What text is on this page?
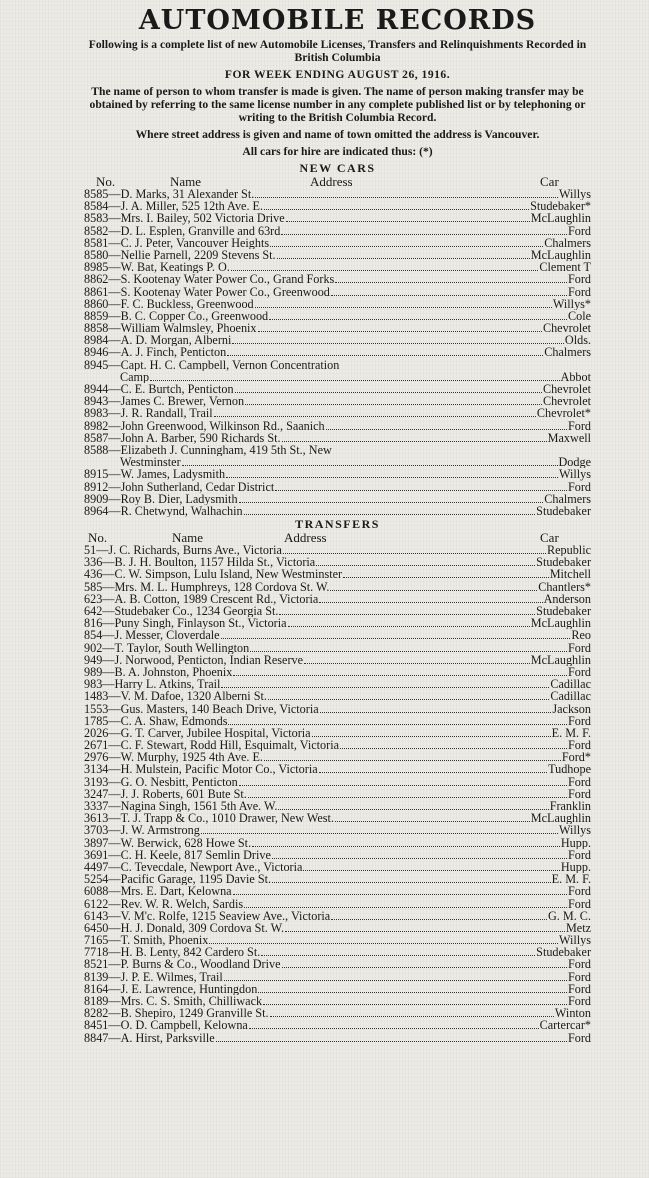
AUTOMOBILE RECORDS

Following is a complete list of new Automobile Licenses, Transfers and Relinquishments Recorded in British Columbia

FOR WEEK ENDING AUGUST 26, 1916.

The name of person to whom transfer is made is given. The name of person making transfer may be obtained by referring to the same license number in any complete published list or by telephoning or writing to the British Columbia Record.

Where street address is given and name of town omitted the address is Vancouver.

All cars for hire are indicated thus: (*)

NEW CARS
No.	Name	Address	Car
8585—D. Marks, 31 Alexander St.	Willys
8584—J. A. Miller, 525 12th Ave. E.	Studebaker*
8583—Mrs. I. Bailey, 502 Victoria Drive	McLaughlin
8582—D. L. Esplen, Granville and 63rd	Ford
8581—C. J. Peter, Vancouver Heights	Chalmers
8580—Nellie Parnell, 2209 Stevens St.	McLaughlin
8985—W. Bat, Keatings P. O.	Clement T
8862—S. Kootenay Water Power Co., Grand Forks	Ford
8861—S. Kootenay Water Power Co., Greenwood	Ford
8860—F. C. Buckless, Greenwood	Willys*
8859—B. C. Copper Co., Greenwood	Cole
8858—William Walmsley, Phoenix	Chevrolet
8984—A. D. Morgan, Alberni	Olds.
8946—A. J. Finch, Penticton	Chalmers
8945—Capt. H. C. Campbell, Vernon Concentration
Camp	Abbot
8944—C. E. Burtch, Penticton	Chevrolet
8943—James C. Brewer, Vernon	Chevrolet
8983—J. R. Randall, Trail	Chevrolet*
8982—John Greenwood, Wilkinson Rd., Saanich	Ford
8587—John A. Barber, 590 Richards St.	Maxwell
8588—Elizabeth J. Cunningham, 419 5th St., New
Westminster	Dodge
8915—W. James, Ladysmith	Willys
8912—John Sutherland, Cedar District	Ford
8909—Roy B. Dier, Ladysmith	Chalmers
8964—R. Chetwynd, Walhachin	Studebaker
TRANSFERS
No.	Name	Address	Car
51—J. C. Richards, Burns Ave., Victoria	Republic
336—B. J. H. Boulton, 1157 Hilda St., Victoria	Studebaker
436—C. W. Simpson, Lulu Island, New Westminster	Mitchell
585—Mrs. M. L. Humphreys, 128 Cordova St. W.	Chantlers*
623—A. B. Cotton, 1989 Crescent Rd., Victoria	Anderson
642—Studebaker Co., 1234 Georgia St.	Studebaker
816—Puny Singh, Finlayson St., Victoria	McLaughlin
854—J. Messer, Cloverdale	Reo
902—T. Taylor, South Wellington	Ford
949—J. Norwood, Penticton, Indian Reserve	McLaughlin
989—B. A. Johnston, Phoenix	Ford
983—Harry L. Atkins, Trail	Cadillac
1483—V. M. Dafoe, 1320 Alberni St.	Cadillac
1553—Gus. Masters, 140 Beach Drive, Victoria	Jackson
1785—C. A. Shaw, Edmonds	Ford
2026—G. T. Carver, Jubilee Hospital, Victoria	E. M. F.
2671—C. F. Stewart, Rodd Hill, Esquimalt, Victoria	Ford
2976—W. Murphy, 1925 4th Ave. E.	Ford*
3134—H. Mulstein, Pacific Motor Co., Victoria	Tudhope
3193—G. O. Nesbitt, Penticton	Ford
3247—J. J. Roberts, 601 Bute St.	Ford
3337—Nagina Singh, 1561 5th Ave. W.	Franklin
3613—T. J. Trapp & Co., 1010 Drawer, New West.	McLaughlin
3703—J. W. Armstrong	Willys
3897—W. Berwick, 628 Howe St.	Hupp.
3691—C. H. Keele, 817 Semlin Drive	Ford
4497—C. Tevecdale, Newport Ave., Victoria	Hupp.
5254—Pacific Garage, 1195 Davie St.	E. M. F.
6088—Mrs. E. Dart, Kelowna	Ford
6122—Rev. W. R. Welch, Sardis	Ford
6143—V. M'c. Rolfe, 1215 Seaview Ave., Victoria	G. M. C.
6450—H. J. Donald, 309 Cordova St. W.	Metz
7165—T. Smith, Phoenix	Willys
7718—H. B. Lenty, 842 Cardero St.	Studebaker
8521—P. Burns & Co., Woodland Drive	Ford
8139—J. P. E. Wilmes, Trail	Ford
8164—J. E. Lawrence, Huntingdon	Ford
8189—Mrs. C. S. Smith, Chilliwack	Ford
8282—B. Shepiro, 1249 Granville St.	Winton
8451—O. D. Campbell, Kelowna	Cartercar*
8847—A. Hirst, Parksville	Ford
